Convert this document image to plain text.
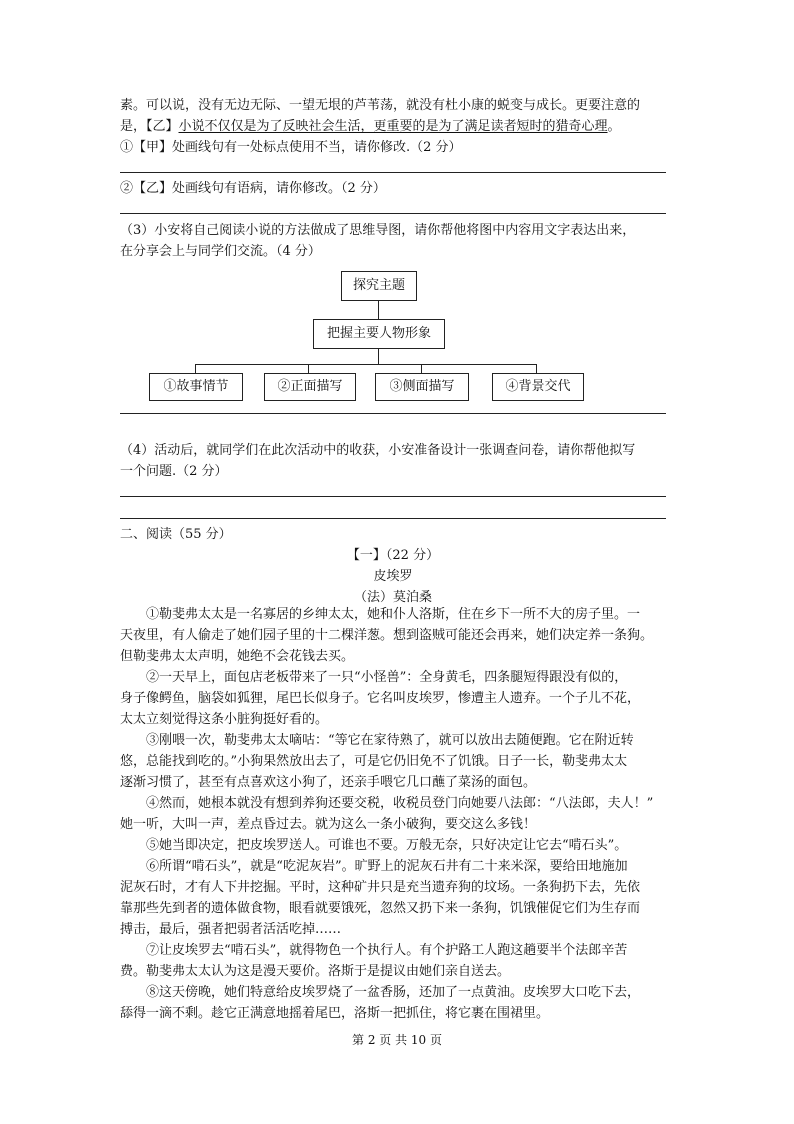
素。可以说，没有无边无际、一望无垠的芦苇荡，就没有杜小康的蜕变与成长。更要注意的
是，【乙】小说不仅仅是为了反映社会生活，更重要的是为了满足读者短时的猎奇心理。
①【甲】处画线句有一处标点使用不当，请你修改.（2 分）
②【乙】处画线句有语病，请你修改。（2 分）
（3）小安将自己阅读小说的方法做成了思维导图，请你帮他将图中内容用文字表达出来，
在分享会上与同学们交流。（4 分）
探究主题
把握主要人物形象
①故事情节	②正面描写	③侧面描写	④背景交代
（4）活动后，就同学们在此次活动中的收获，小安准备设计一张调查问卷，请你帮他拟写
一个问题.（2 分）
二、阅读（55 分）
【一】（22 分）
皮埃罗
（法）莫泊桑
①勒斐弗太太是一名寡居的乡绅太太，她和仆人洛斯，住在乡下一所不大的房子里。一
天夜里，有人偷走了她们园子里的十二棵洋葱。想到盗贼可能还会再来，她们决定养一条狗。
但勒斐弗太太声明，她绝不会花钱去买。
②一天早上，面包店老板带来了一只“小怪兽”：全身黄毛，四条腿短得跟没有似的，
身子像鳄鱼，脑袋如狐狸，尾巴长似身子。它名叫皮埃罗，惨遭主人遗弃。一个子儿不花，
太太立刻觉得这条小脏狗挺好看的。
③刚喂一次，勒斐弗太太嘀咕：“等它在家待熟了，就可以放出去随便跑。它在附近转
悠，总能找到吃的。”小狗果然放出去了，可是它仍旧免不了饥饿。日子一长，勒斐弗太太
逐渐习惯了，甚至有点喜欢这小狗了，还亲手喂它几口蘸了菜汤的面包。
④然而，她根本就没有想到养狗还要交税，收税员登门向她要八法郎：“八法郎，夫人！”
她一听，大叫一声，差点昏过去。就为这么一条小破狗，要交这么多钱！
⑤她当即决定，把皮埃罗送人。可谁也不要。万般无奈，只好决定让它去“啃石头”。
⑥所谓“啃石头”，就是“吃泥灰岩”。旷野上的泥灰石井有二十来米深，要给田地施加
泥灰石时，才有人下井挖掘。平时，这种矿井只是充当遗弃狗的坟场。一条狗扔下去，先依
靠那些先到者的遗体做食物，眼看就要饿死，忽然又扔下来一条狗，饥饿催促它们为生存而
搏击，最后，强者把弱者活活吃掉……
⑦让皮埃罗去“啃石头”，就得物色一个执行人。有个护路工人跑这趟要半个法郎辛苦
费。勒斐弗太太认为这是漫天要价。洛斯于是提议由她们亲自送去。
⑧这天傍晚，她们特意给皮埃罗烧了一盆香肠，还加了一点黄油。皮埃罗大口吃下去，
舔得一滴不剩。趁它正满意地摇着尾巴，洛斯一把抓住，将它裹在围裙里。
第 2 页 共 10 页
